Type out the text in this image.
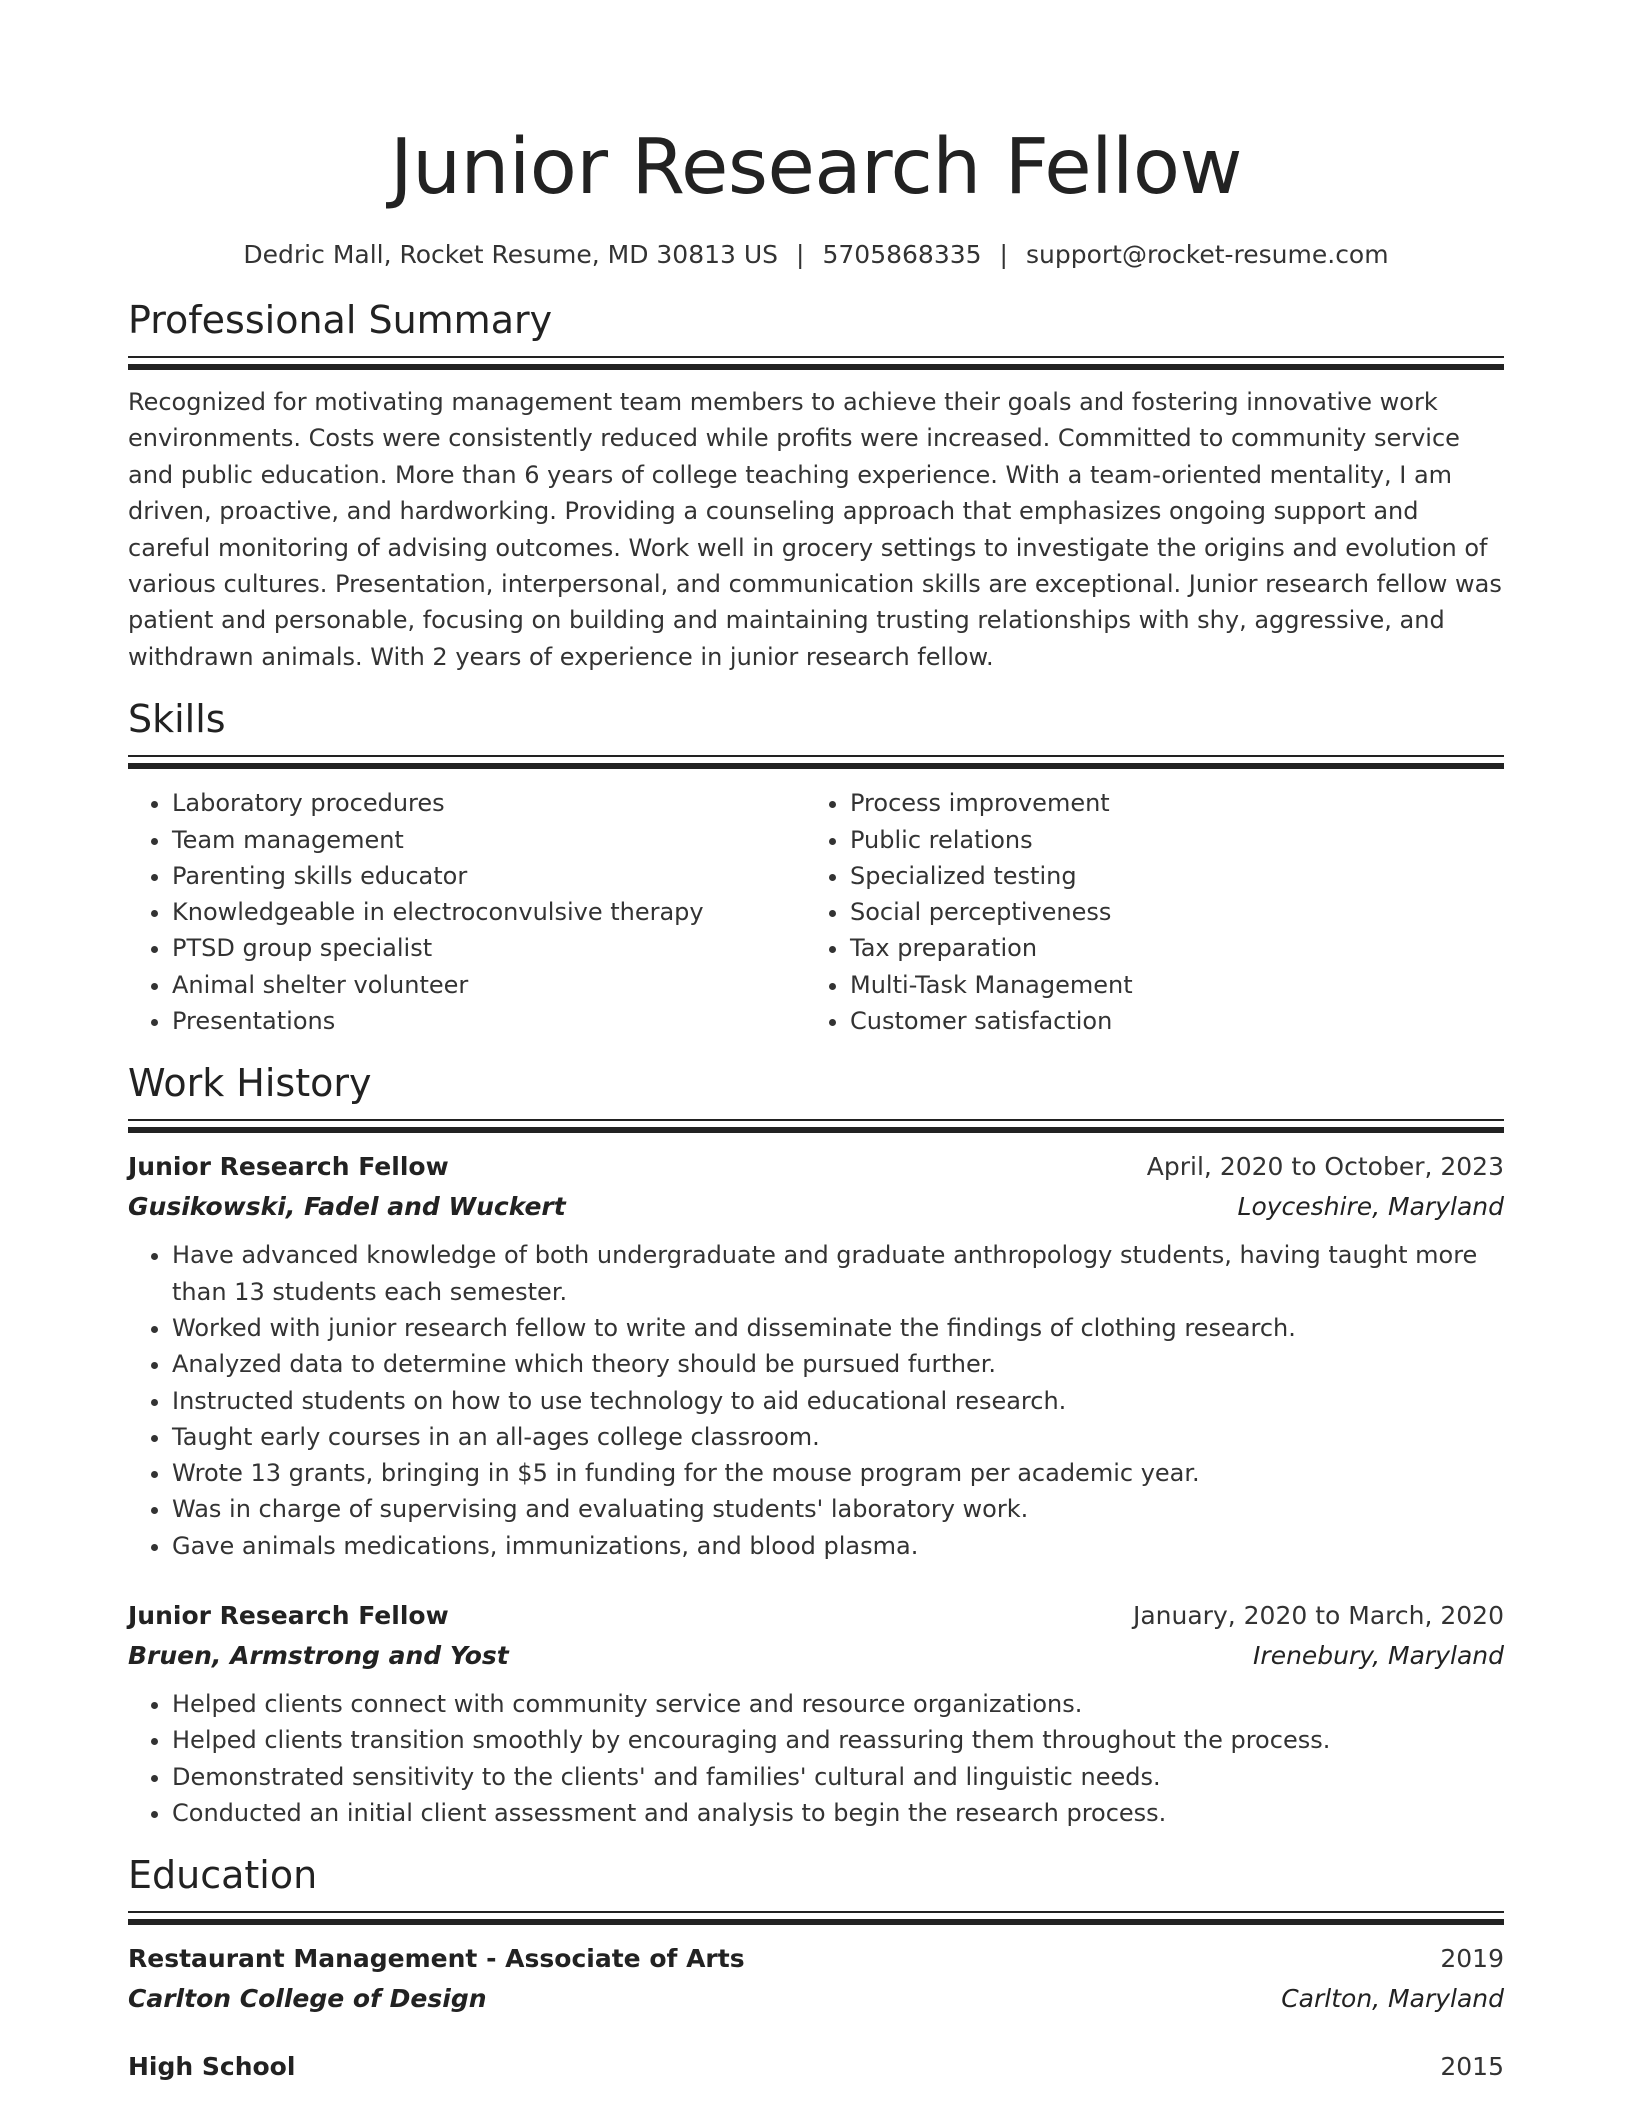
Junior Research Fellow
Dedric Mall, Rocket Resume, MD 30813 US | 5705868335 | support@rocket-resume.com
Professional Summary

Recognized for motivating management team members to achieve their goals and fostering innovative work environments. Costs were consistently reduced while profits were increased. Committed to community service and public education. More than 6 years of college teaching experience. With a team-oriented mentality, I am driven, proactive, and hardworking. Providing a counseling approach that emphasizes ongoing support and careful monitoring of advising outcomes. Work well in grocery settings to investigate the origins and evolution of various cultures. Presentation, interpersonal, and communication skills are exceptional. Junior research fellow was patient and personable, focusing on building and maintaining trusting relationships with shy, aggressive, and withdrawn animals. With 2 years of experience in junior research fellow.

Skills
• Laboratory procedures
• Team management
• Parenting skills educator
• Knowledgeable in electroconvulsive therapy
• PTSD group specialist
• Animal shelter volunteer
• Presentations
• Process improvement
• Public relations
• Specialized testing
• Social perceptiveness
• Tax preparation
• Multi-Task Management
• Customer satisfaction
Work History
Junior Research Fellow	April, 2020 to October, 2023
Gusikowski, Fadel and Wuckert	Loyceshire, Maryland
• Have advanced knowledge of both undergraduate and graduate anthropology students, having taught more than 13 students each semester.
• Worked with junior research fellow to write and disseminate the findings of clothing research.
• Analyzed data to determine which theory should be pursued further.
• Instructed students on how to use technology to aid educational research.
• Taught early courses in an all-ages college classroom.
• Wrote 13 grants, bringing in $5 in funding for the mouse program per academic year.
• Was in charge of supervising and evaluating students' laboratory work.
• Gave animals medications, immunizations, and blood plasma.
Junior Research Fellow	January, 2020 to March, 2020
Bruen, Armstrong and Yost	Irenebury, Maryland
• Helped clients connect with community service and resource organizations.
• Helped clients transition smoothly by encouraging and reassuring them throughout the process.
• Demonstrated sensitivity to the clients' and families' cultural and linguistic needs.
• Conducted an initial client assessment and analysis to begin the research process.
Education
Restaurant Management - Associate of Arts	2019
Carlton College of Design	Carlton, Maryland
High School	2015
